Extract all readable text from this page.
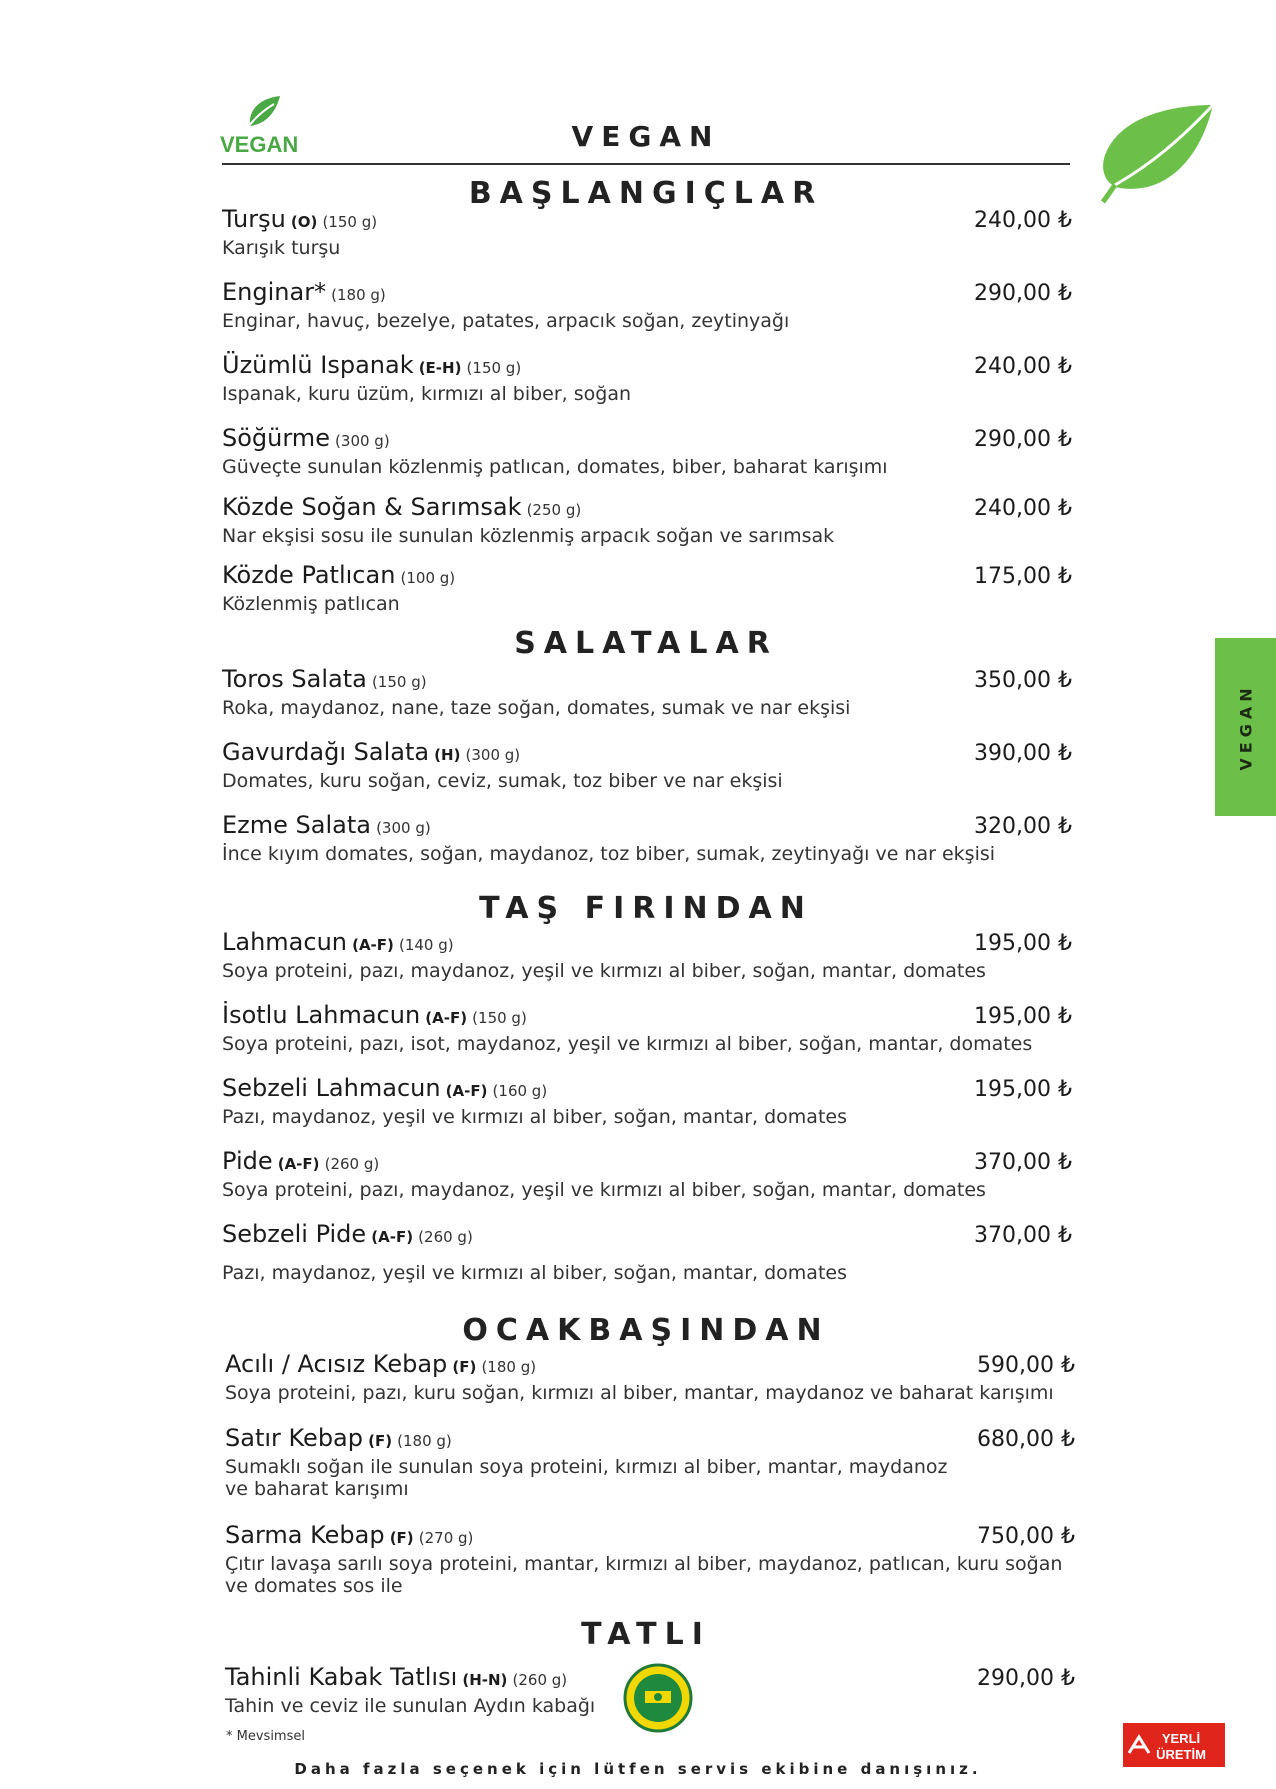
VEGAN	VEGAN
BAŞLANGIÇLAR
Turşu (O) (150 g)	240,00 ₺
Karışık turşu
Enginar* (180 g)	290,00 ₺
Enginar, havuç, bezelye, patates, arpacık soğan, zeytinyağı
Üzümlü Ispanak (E-H) (150 g)	240,00 ₺
Ispanak, kuru üzüm, kırmızı al biber, soğan
Söğürme (300 g)	290,00 ₺
Güveçte sunulan közlenmiş patlıcan, domates, biber, baharat karışımı
Közde Soğan & Sarımsak (250 g)	240,00 ₺
Nar ekşisi sosu ile sunulan közlenmiş arpacık soğan ve sarımsak
Közde Patlıcan (100 g)	175,00 ₺
Közlenmiş patlıcan
SALATALAR
Toros Salata (150 g)	350,00 ₺
Roka, maydanoz, nane, taze soğan, domates, sumak ve nar ekşisi
Gavurdağı Salata (H) (300 g)	390,00 ₺
Domates, kuru soğan, ceviz, sumak, toz biber ve nar ekşisi
Ezme Salata (300 g)	320,00 ₺
İnce kıyım domates, soğan, maydanoz, toz biber, sumak, zeytinyağı ve nar ekşisi
VEGAN
TAŞ FIRINDAN
Lahmacun (A-F) (140 g)	195,00 ₺
Soya proteini, pazı, maydanoz, yeşil ve kırmızı al biber, soğan, mantar, domates
İsotlu Lahmacun (A-F) (150 g)	195,00 ₺
Soya proteini, pazı, isot, maydanoz, yeşil ve kırmızı al biber, soğan, mantar, domates
Sebzeli Lahmacun (A-F) (160 g)	195,00 ₺
Pazı, maydanoz, yeşil ve kırmızı al biber, soğan, mantar, domates
Pide (A-F) (260 g)	370,00 ₺
Soya proteini, pazı, maydanoz, yeşil ve kırmızı al biber, soğan, mantar, domates
Sebzeli Pide (A-F) (260 g)	370,00 ₺
Pazı, maydanoz, yeşil ve kırmızı al biber, soğan, mantar, domates
OCAKBAŞINDAN
Acılı / Acısız Kebap (F) (180 g)	590,00 ₺
Soya proteini, pazı, kuru soğan, kırmızı al biber, mantar, maydanoz ve baharat karışımı
Satır Kebap (F) (180 g)	680,00 ₺
Sumaklı soğan ile sunulan soya proteini, kırmızı al biber, mantar, maydanoz
ve baharat karışımı
Sarma Kebap (F) (270 g)	750,00 ₺
Çıtır lavaşa sarılı soya proteini, mantar, kırmızı al biber, maydanoz, patlıcan, kuru soğan
ve domates sos ile
TATLI
Tahinli Kabak Tatlısı (H-N) (260 g)	290,00 ₺
Tahin ve ceviz ile sunulan Aydın kabağı
* Mevsimsel
Daha fazla seçenek için lütfen servis ekibine danışınız.
YERLİ
ÜRETİM
